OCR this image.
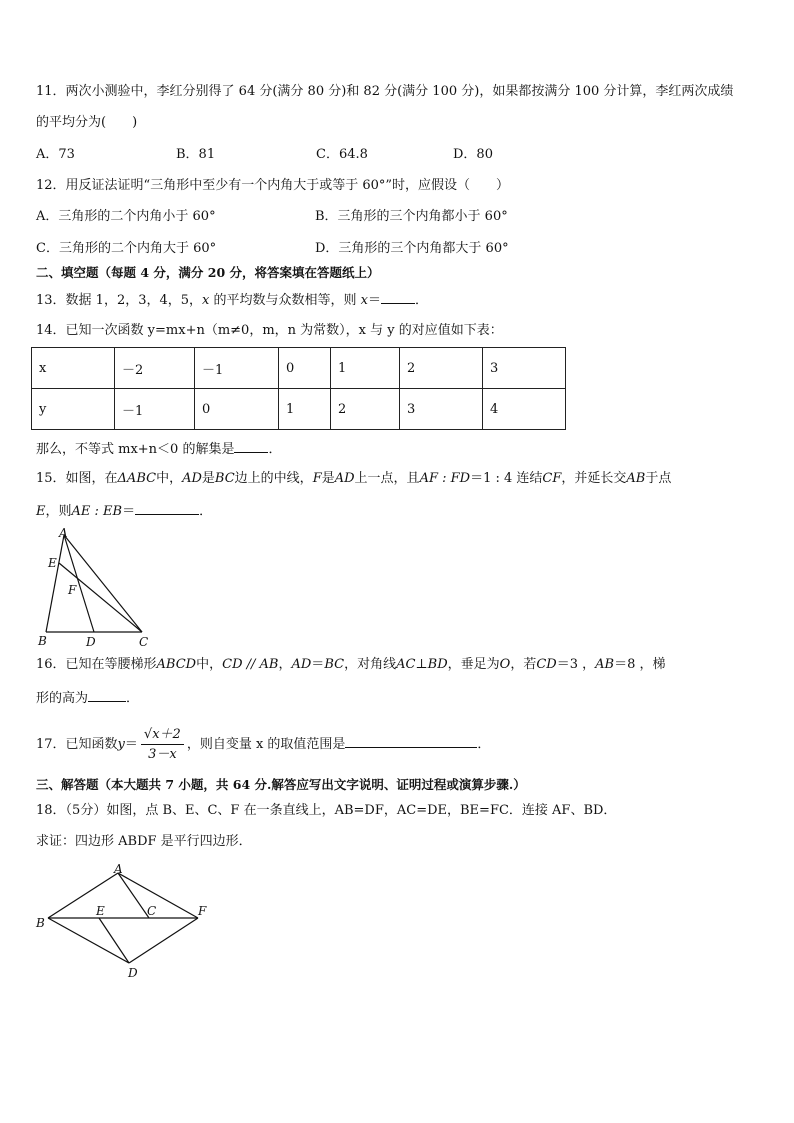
11．两次小测验中，李红分别得了 64 分(满分 80 分)和 82 分(满分 100 分)，如果都按满分 100 分计算，李红两次成绩
的平均分为(　　)
A．73	B．81	C．64.8	D．80
12．用反证法证明“三角形中至少有一个内角大于或等于 60°”时，应假设（　　）
A．三角形的二个内角小于 60°	B．三角形的三个内角都小于 60°
C．三角形的二个内角大于 60°	D．三角形的三个内角都大于 60°
二、填空题（每题 4 分，满分 20 分，将答案填在答题纸上）
13．数据 1，2，3，4，5，x 的平均数与众数相等，则 x＝	．
14．已知一次函数 y=mx+n（m≠0，m，n 为常数），x 与 y 的对应值如下表：
x	－2	－1	0	1	2	3
y	－1	0	1	2	3	4
那么，不等式 mx+n＜0 的解集是	．
15．如图，在ΔABC中，AD是BC边上的中线，F是AD上一点，且AF : FD＝1 : 4 连结CF，并延长交AB于点
E，则AE : EB＝	．
A
E
F
B	D	C
16．已知在等腰梯形ABCD中，CD // AB，AD＝BC，对角线AC⊥BD，垂足为O，若CD＝3 ，AB＝8 ，梯
形的高为	．
17．已知函数$y= \frac{√x+2}{3-x}$ ，则自变量 x 的取值范围是	．
三、解答题（本大题共 7 小题，共 64 分.解答应写出文字说明、证明过程或演算步骤.）
18．（5分）如图，点 B、E、C、F 在一条直线上，AB=DF，AC=DE，BE=FC．连接 AF、BD．
求证：四边形 ABDF 是平行四边形．
A
B
E	C	F
D
